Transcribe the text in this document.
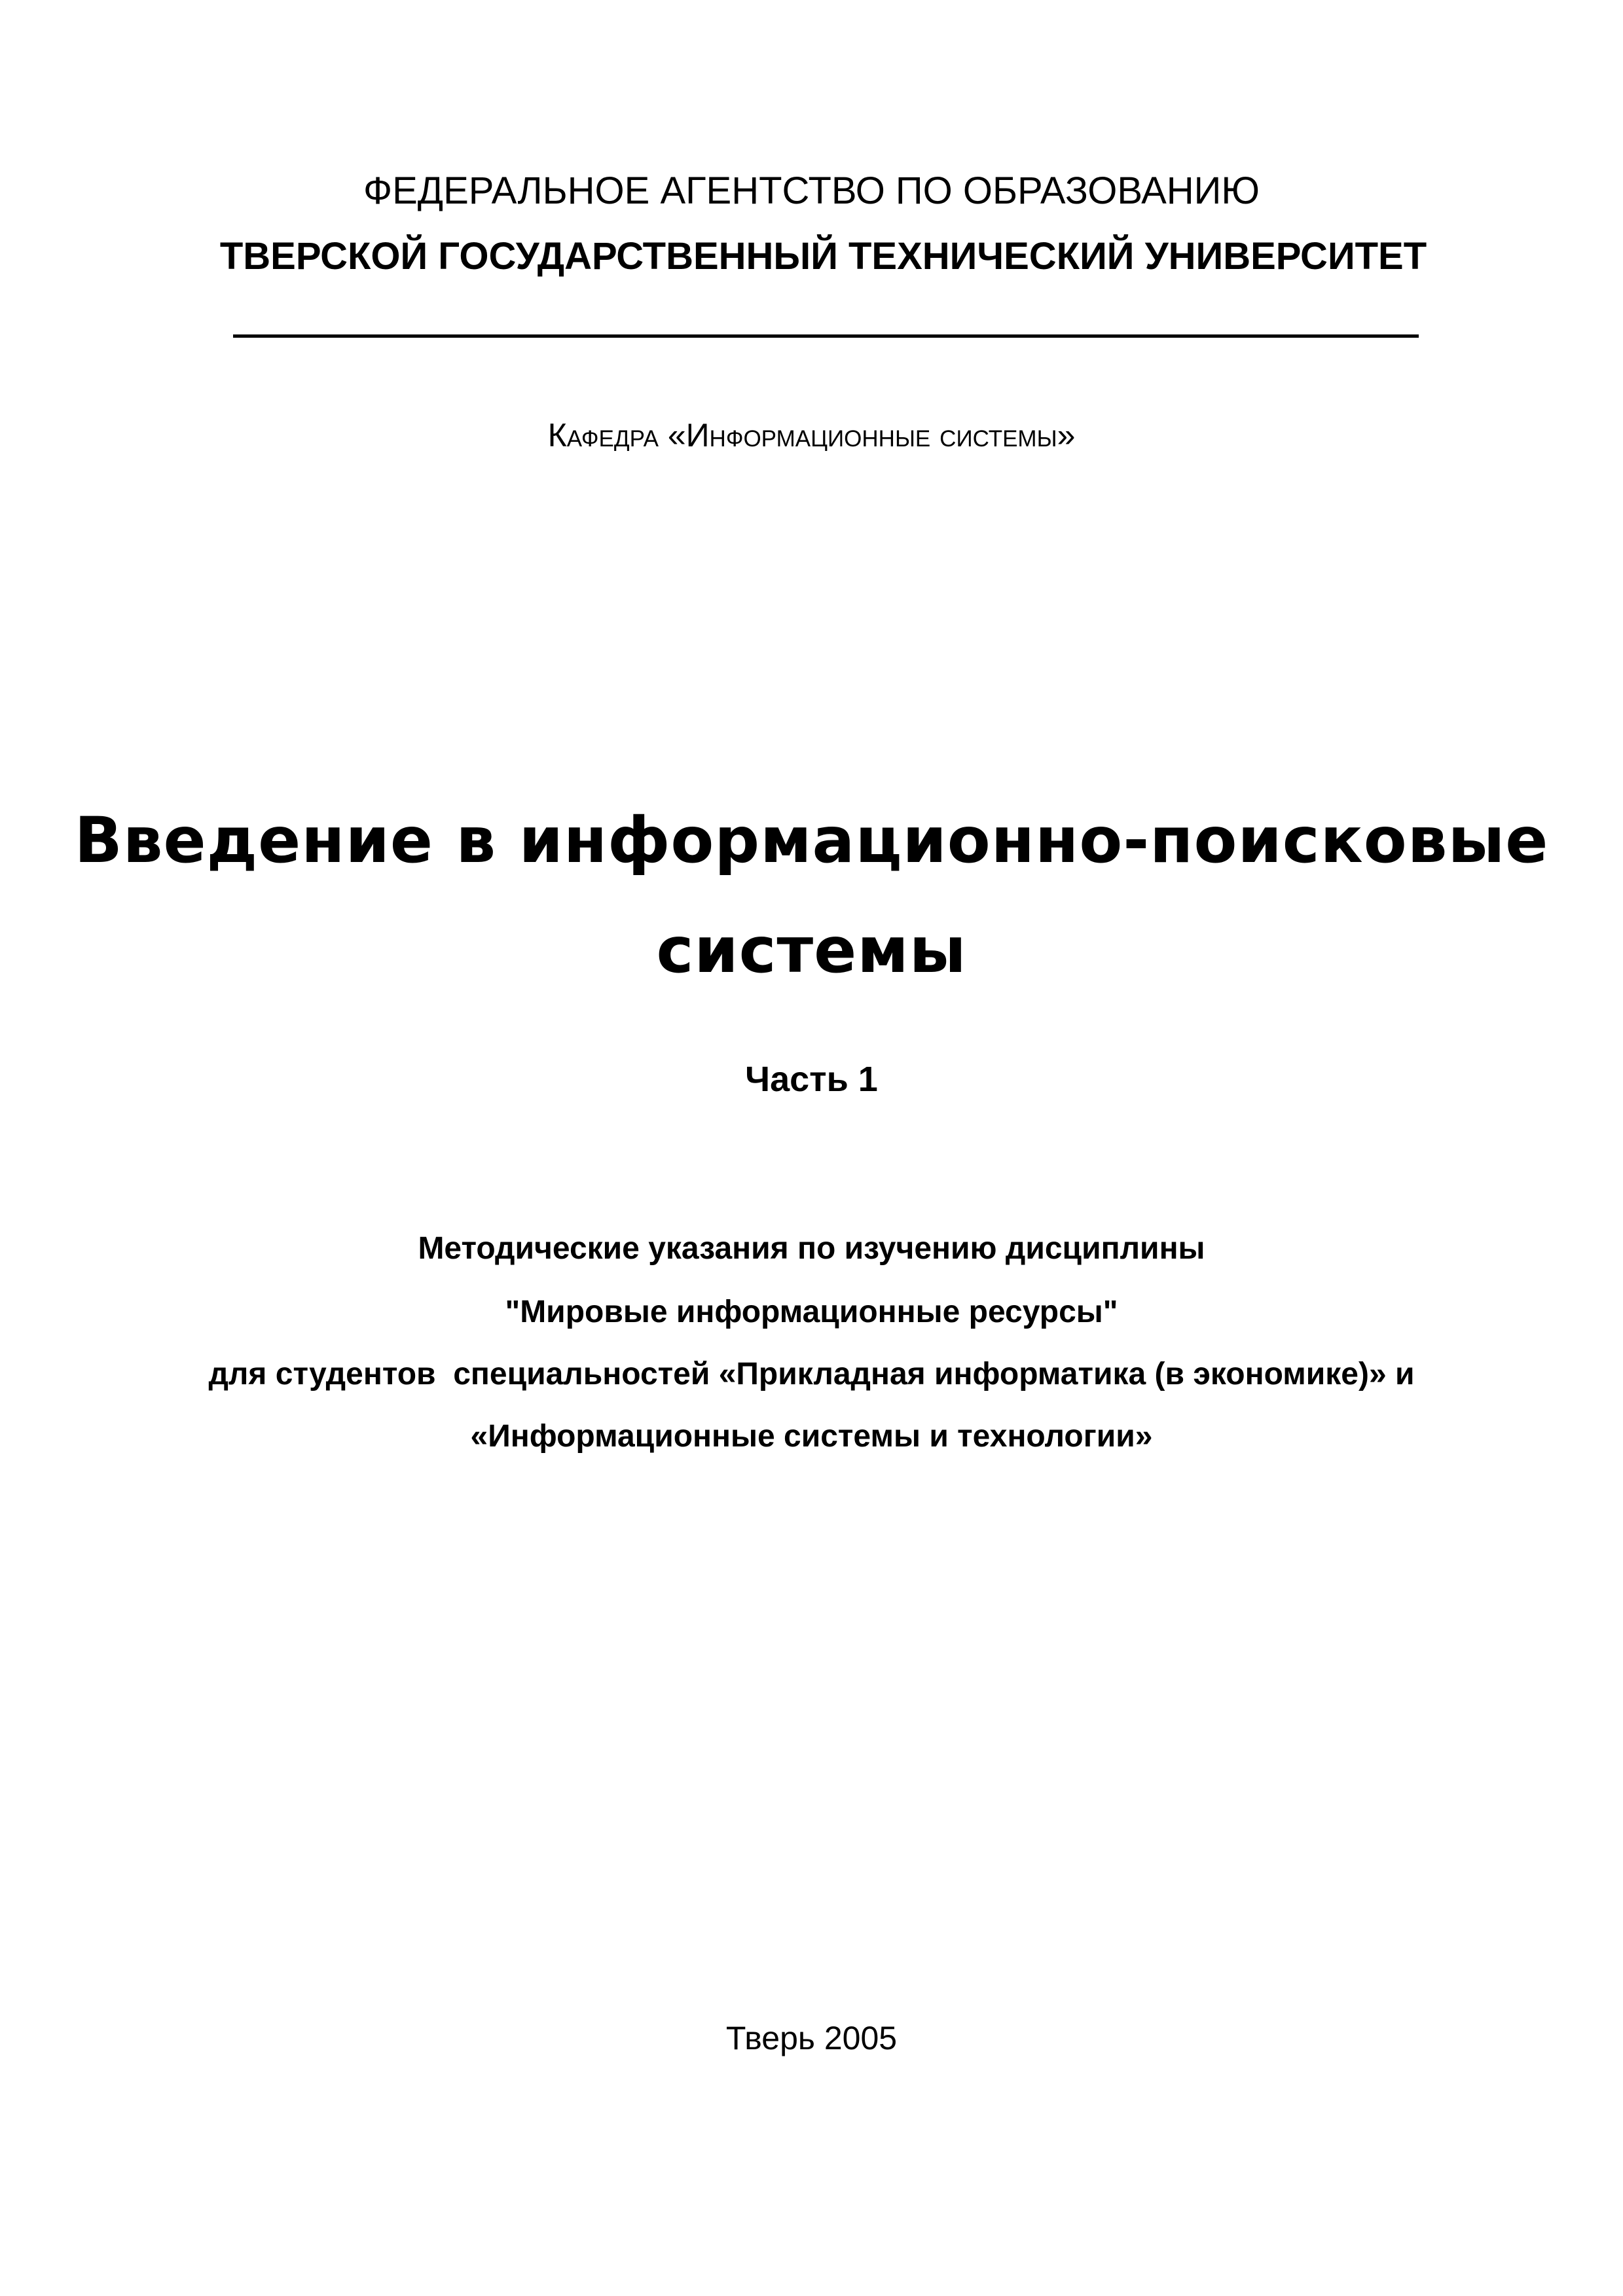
ФЕДЕРАЛЬНОЕ АГЕНТСТВО ПО ОБРАЗОВАНИЮ
ТВЕРСКОЙ ГОСУДАРСТВЕННЫЙ ТЕХНИЧЕСКИЙ УНИВЕРСИТЕТ
Кафедра «Информационные системы»
Введение в информационно-поисковые
системы
Часть 1
Методические указания по изучению дисциплины
"Мировые информационные ресурсы"
для студентов  специальностей «Прикладная информатика (в экономике)» и
«Информационные системы и технологии»
Тверь 2005
